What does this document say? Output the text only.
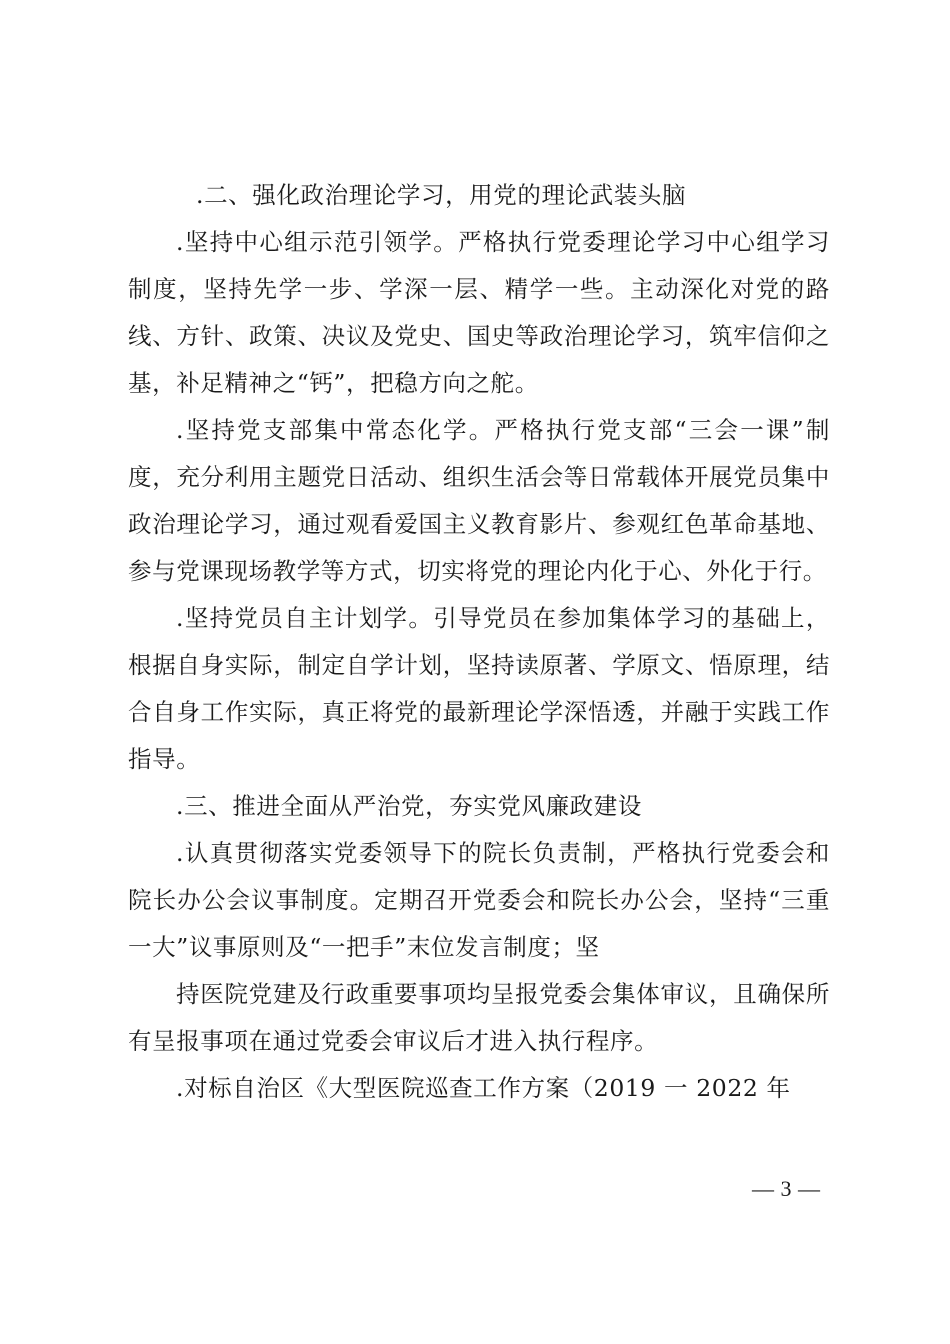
.二、强化政治理论学习，用党的理论武装头脑

.坚持中心组示范引领学。严格执行党委理论学习中心组学习制度，坚持先学一步、学深一层、精学一些。主动深化对党的路线、方针、政策、决议及党史、国史等政治理论学习，筑牢信仰之基，补足精神之“钙”，把稳方向之舵。

.坚持党支部集中常态化学。严格执行党支部“三会一课”制度，充分利用主题党日活动、组织生活会等日常载体开展党员集中政治理论学习，通过观看爱国主义教育影片、参观红色革命基地、参与党课现场教学等方式，切实将党的理论内化于心、外化于行。

.坚持党员自主计划学。引导党员在参加集体学习的基础上，根据自身实际，制定自学计划，坚持读原著、学原文、悟原理，结合自身工作实际，真正将党的最新理论学深悟透，并融于实践工作指导。

.三、推进全面从严治党，夯实党风廉政建设

.认真贯彻落实党委领导下的院长负责制，严格执行党委会和院长办公会议事制度。定期召开党委会和院长办公会，坚持“三重一大”议事原则及“一把手”末位发言制度；坚

持医院党建及行政重要事项均呈报党委会集体审议，且确保所有呈报事项在通过党委会审议后才进入执行程序。

.对标自治区《大型医院巡查工作方案（2019 一 2022 年

— 3 —
